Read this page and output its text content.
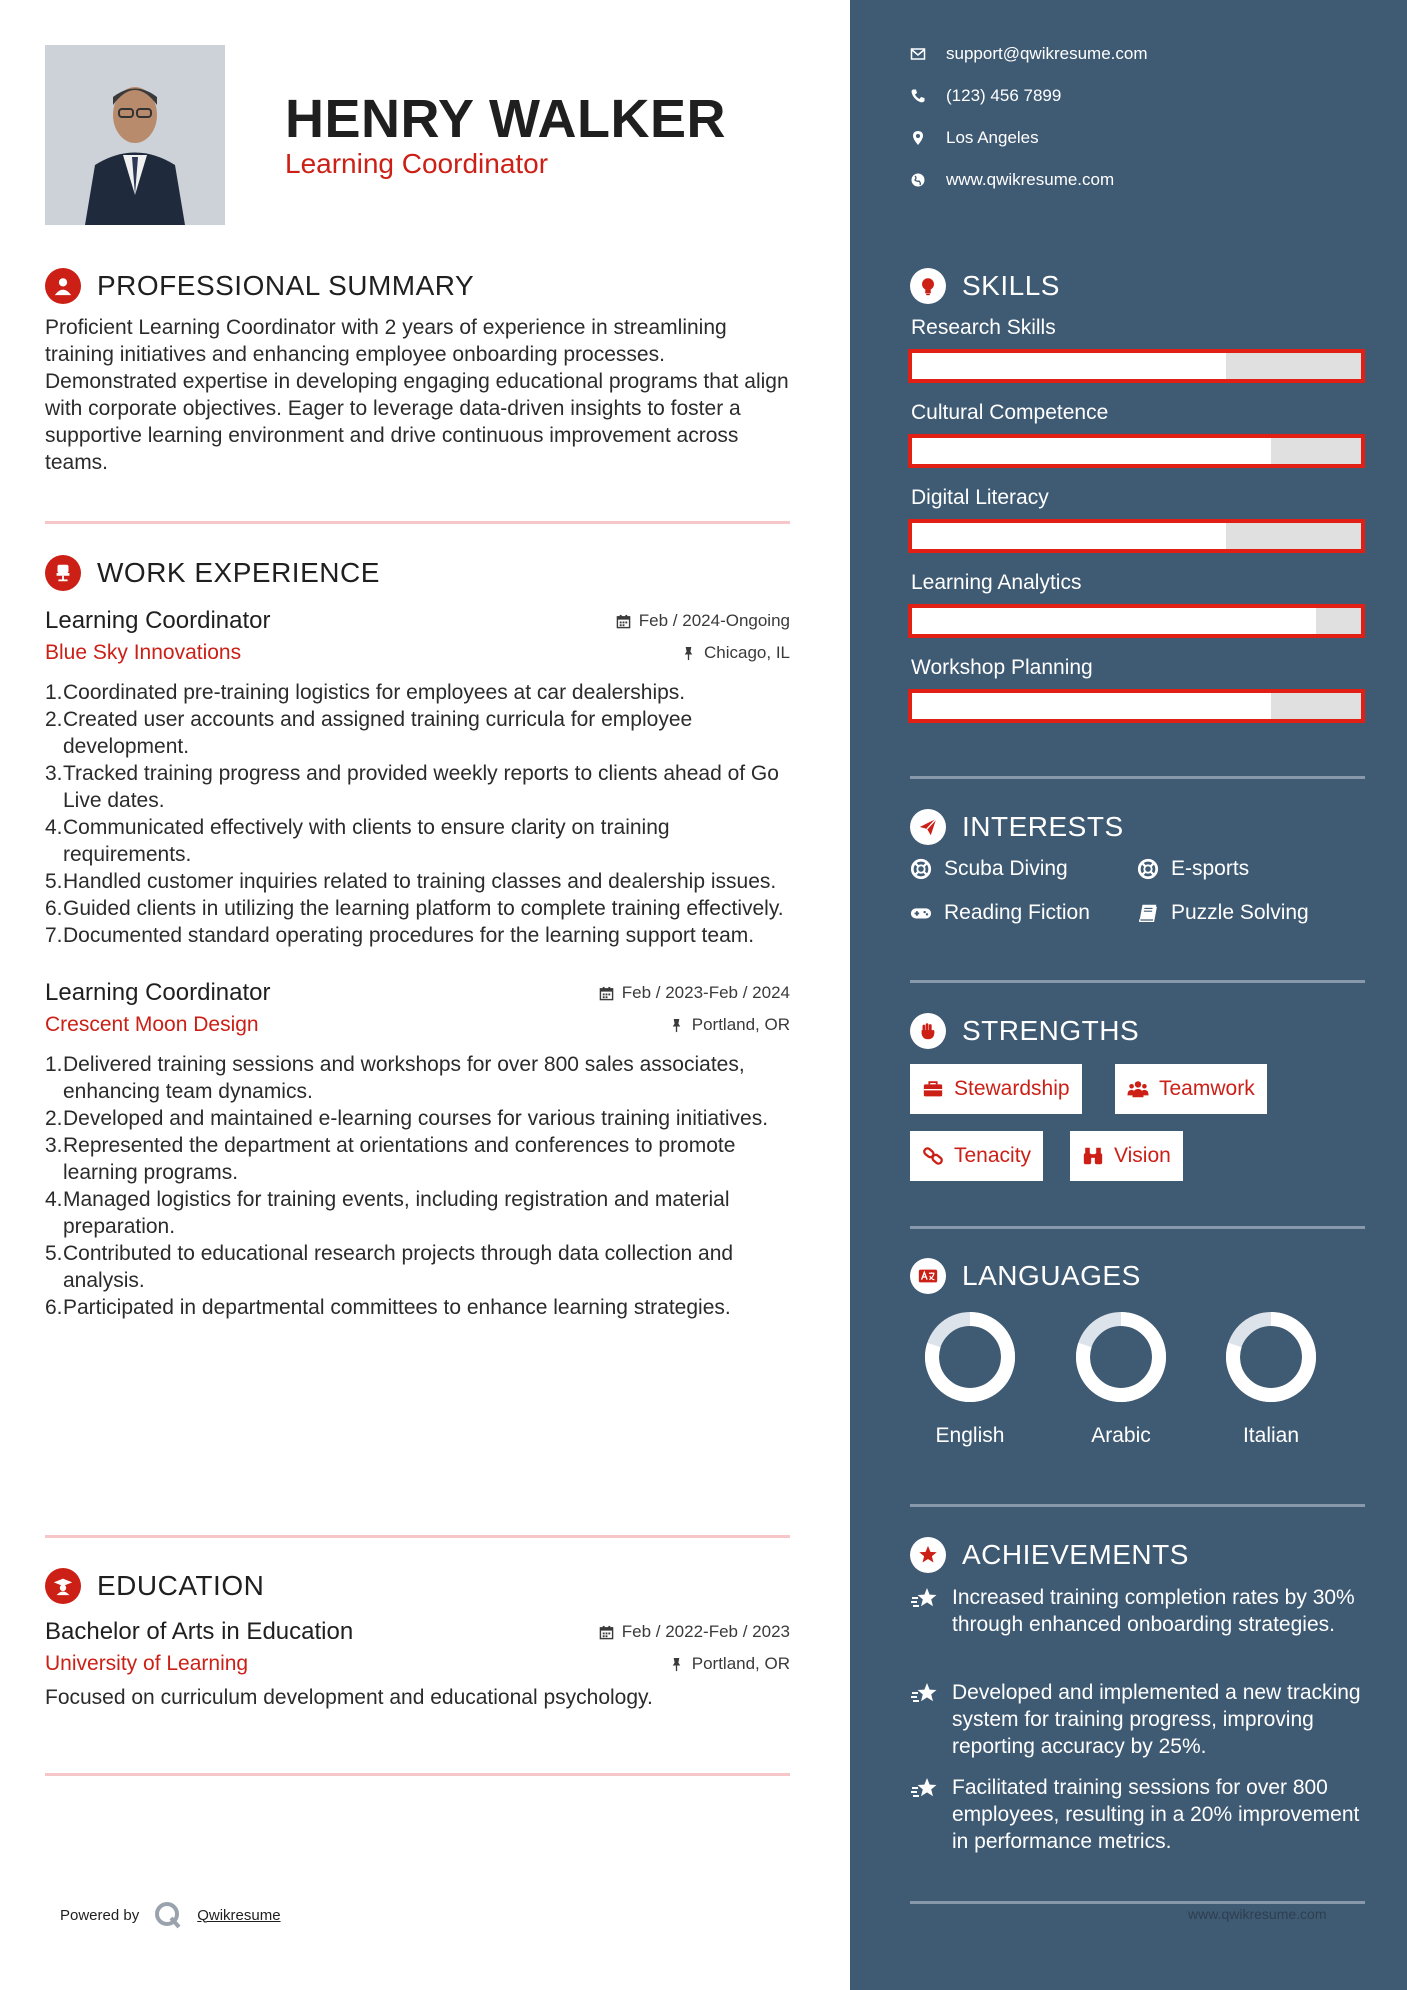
HENRY WALKER
Learning Coordinator
PROFESSIONAL SUMMARY
Proficient Learning Coordinator with 2 years of experience in streamlining training initiatives and enhancing employee onboarding processes. Demonstrated expertise in developing engaging educational programs that align with corporate objectives. Eager to leverage data-driven insights to foster a supportive learning environment and drive continuous improvement across teams.
WORK EXPERIENCE
Learning Coordinator	Feb / 2024-Ongoing
Blue Sky Innovations	Chicago, IL
1.Coordinated pre-training logistics for employees at car dealerships.
2.Created user accounts and assigned training curricula for employee development.
3.Tracked training progress and provided weekly reports to clients ahead of Go Live dates.
4.Communicated effectively with clients to ensure clarity on training requirements.
5.Handled customer inquiries related to training classes and dealership issues.
6.Guided clients in utilizing the learning platform to complete training effectively.
7.Documented standard operating procedures for the learning support team.
Learning Coordinator	Feb / 2023-Feb / 2024
Crescent Moon Design	Portland, OR
1.Delivered training sessions and workshops for over 800 sales associates, enhancing team dynamics.
2.Developed and maintained e-learning courses for various training initiatives.
3.Represented the department at orientations and conferences to promote learning programs.
4.Managed logistics for training events, including registration and material preparation.
5.Contributed to educational research projects through data collection and analysis.
6.Participated in departmental committees to enhance learning strategies.
EDUCATION
Bachelor of Arts in Education	Feb / 2022-Feb / 2023
University of Learning	Portland, OR
Focused on curriculum development and educational psychology.
Powered by	Qwikresume
support@qwikresume.com
(123) 456 7899
Los Angeles
www.qwikresume.com
SKILLS
Research Skills
Cultural Competence
Digital Literacy
Learning Analytics
Workshop Planning
INTERESTS
Scuba Diving	E-sports
Reading Fiction	Puzzle Solving
STRENGTHS
Stewardship	Teamwork
Tenacity	Vision
LANGUAGES
English	Arabic	Italian
ACHIEVEMENTS
Increased training completion rates by 30% through enhanced onboarding strategies.
Developed and implemented a new tracking system for training progress, improving reporting accuracy by 25%.
Facilitated training sessions for over 800 employees, resulting in a 20% improvement in performance metrics.
www.qwikresume.com
